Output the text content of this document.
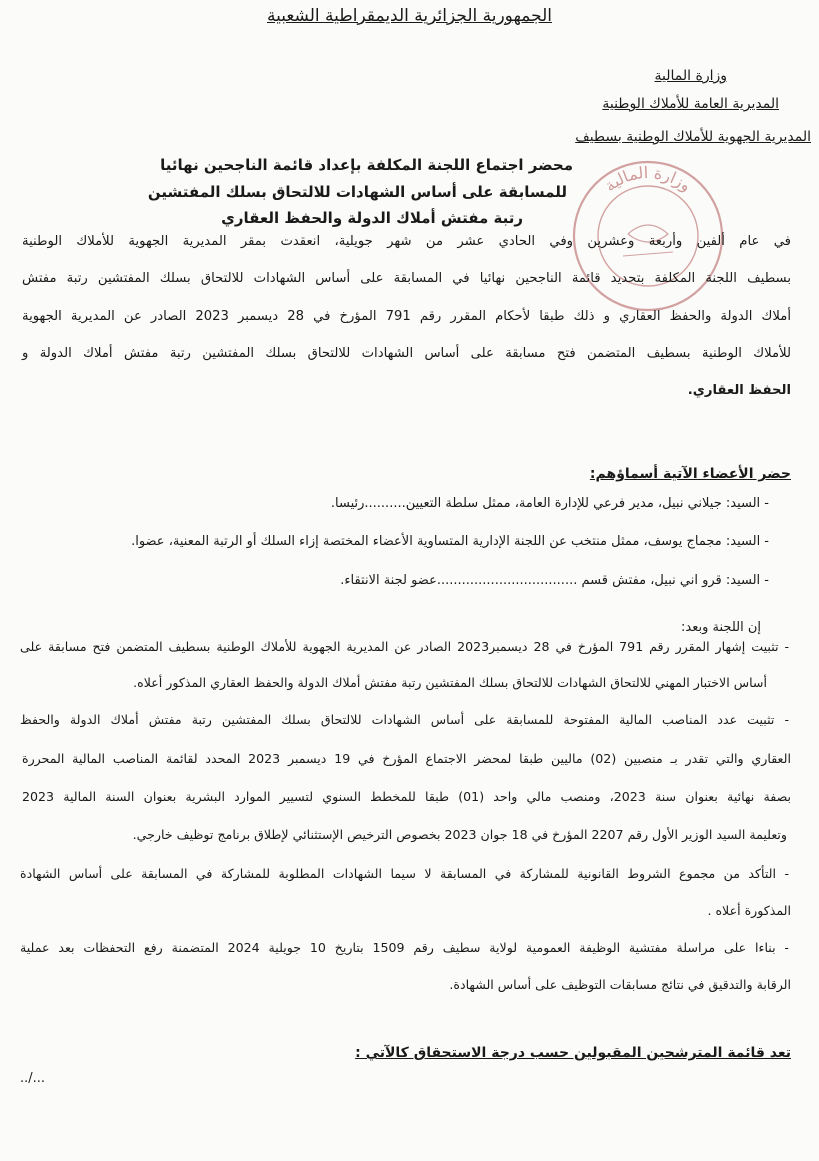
الجمهورية الجزائرية الديمقراطية الشعبية
وزارة المالية
المديرية العامة للأملاك الوطنية
المديرية الجهوية للأملاك الوطنية بسطيف
وزارة المالية
محضر اجتماع اللجنة المكلفة بإعداد قائمة الناجحين نهائيا
للمسابقة على أساس الشهادات للالتحاق بسلك المفتشين
رتبة مفتش أملاك الدولة والحفظ العقاري
في عام ألفين وأربعة وعشرين وفي الحادي عشر من شهر جويلية، انعقدت بمقر المديرية الجهوية للأملاك الوطنية
بسطيف اللجنة المكلفة بتحديد قائمة الناجحين نهائيا في المسابقة على أساس الشهادات للالتحاق بسلك المفتشين رتبة مفتش
أملاك الدولة والحفظ العقاري و ذلك طبقا لأحكام المقرر رقم 791 المؤرخ في 28 ديسمبر 2023 الصادر عن المديرية الجهوية
للأملاك الوطنية بسطيف المتضمن فتح مسابقة على أساس الشهادات للالتحاق بسلك المفتشين رتبة مفتش أملاك الدولة و
الحفظ العقاري.
حضر الأعضاء الآتية أسماؤهم:
- السيد: جيلاني نبيل، مدير فرعي للإدارة العامة، ممثل سلطة التعيين..........رئيسا.
- السيد: مجماج يوسف، ممثل منتخب عن اللجنة الإدارية المتساوية الأعضاء المختصة إزاء السلك أو الرتبة المعنية، عضوا.
- السيد: قرو اني نبيل، مفتش قسم ..................................عضو لجنة الانتقاء.
إن اللجنة وبعد:
- تثبيت إشهار المقرر رقم 791 المؤرخ في 28 ديسمبر2023 الصادر عن المديرية الجهوية للأملاك الوطنية بسطيف المتضمن فتح مسابقة على
أساس الاختبار المهني للالتحاق الشهادات للالتحاق بسلك المفتشين رتبة مفتش أملاك الدولة والحفظ العقاري المذكور أعلاه.
- تثبيت عدد المناصب المالية المفتوحة للمسابقة على أساس الشهادات للالتحاق بسلك المفتشين رتبة مفتش أملاك الدولة والحفظ
العقاري والتي تقدر بـ منصبين (02) ماليين طبقا لمحضر الاجتماع المؤرخ في 19 ديسمبر 2023 المحدد لقائمة المناصب المالية المحررة
بصفة نهائية بعنوان سنة 2023، ومنصب مالي واحد (01) طبقا للمخطط السنوي لتسيير الموارد البشرية بعنوان السنة المالية 2023
وتعليمة السيد الوزير الأول رقم 2207 المؤرخ في 18 جوان 2023 بخصوص الترخيص الإستثنائي لإطلاق برنامج توظيف خارجي.
- التأكد من مجموع الشروط القانونية للمشاركة في المسابقة لا سيما الشهادات المطلوبة للمشاركة في المسابقة على أساس الشهادة
المذكورة أعلاه .
- بناءا على مراسلة مفتشية الوظيفة العمومية لولاية سطيف رقم 1509 بتاريخ 10 جويلية 2024 المتضمنة رفع التحفظات بعد عملية
الرقابة والتدقيق في نتائج مسابقات التوظيف على أساس الشهادة.
تعد قائمة المترشحين المقبولين حسب درجة الاستحقاق كالآتي :
../...
